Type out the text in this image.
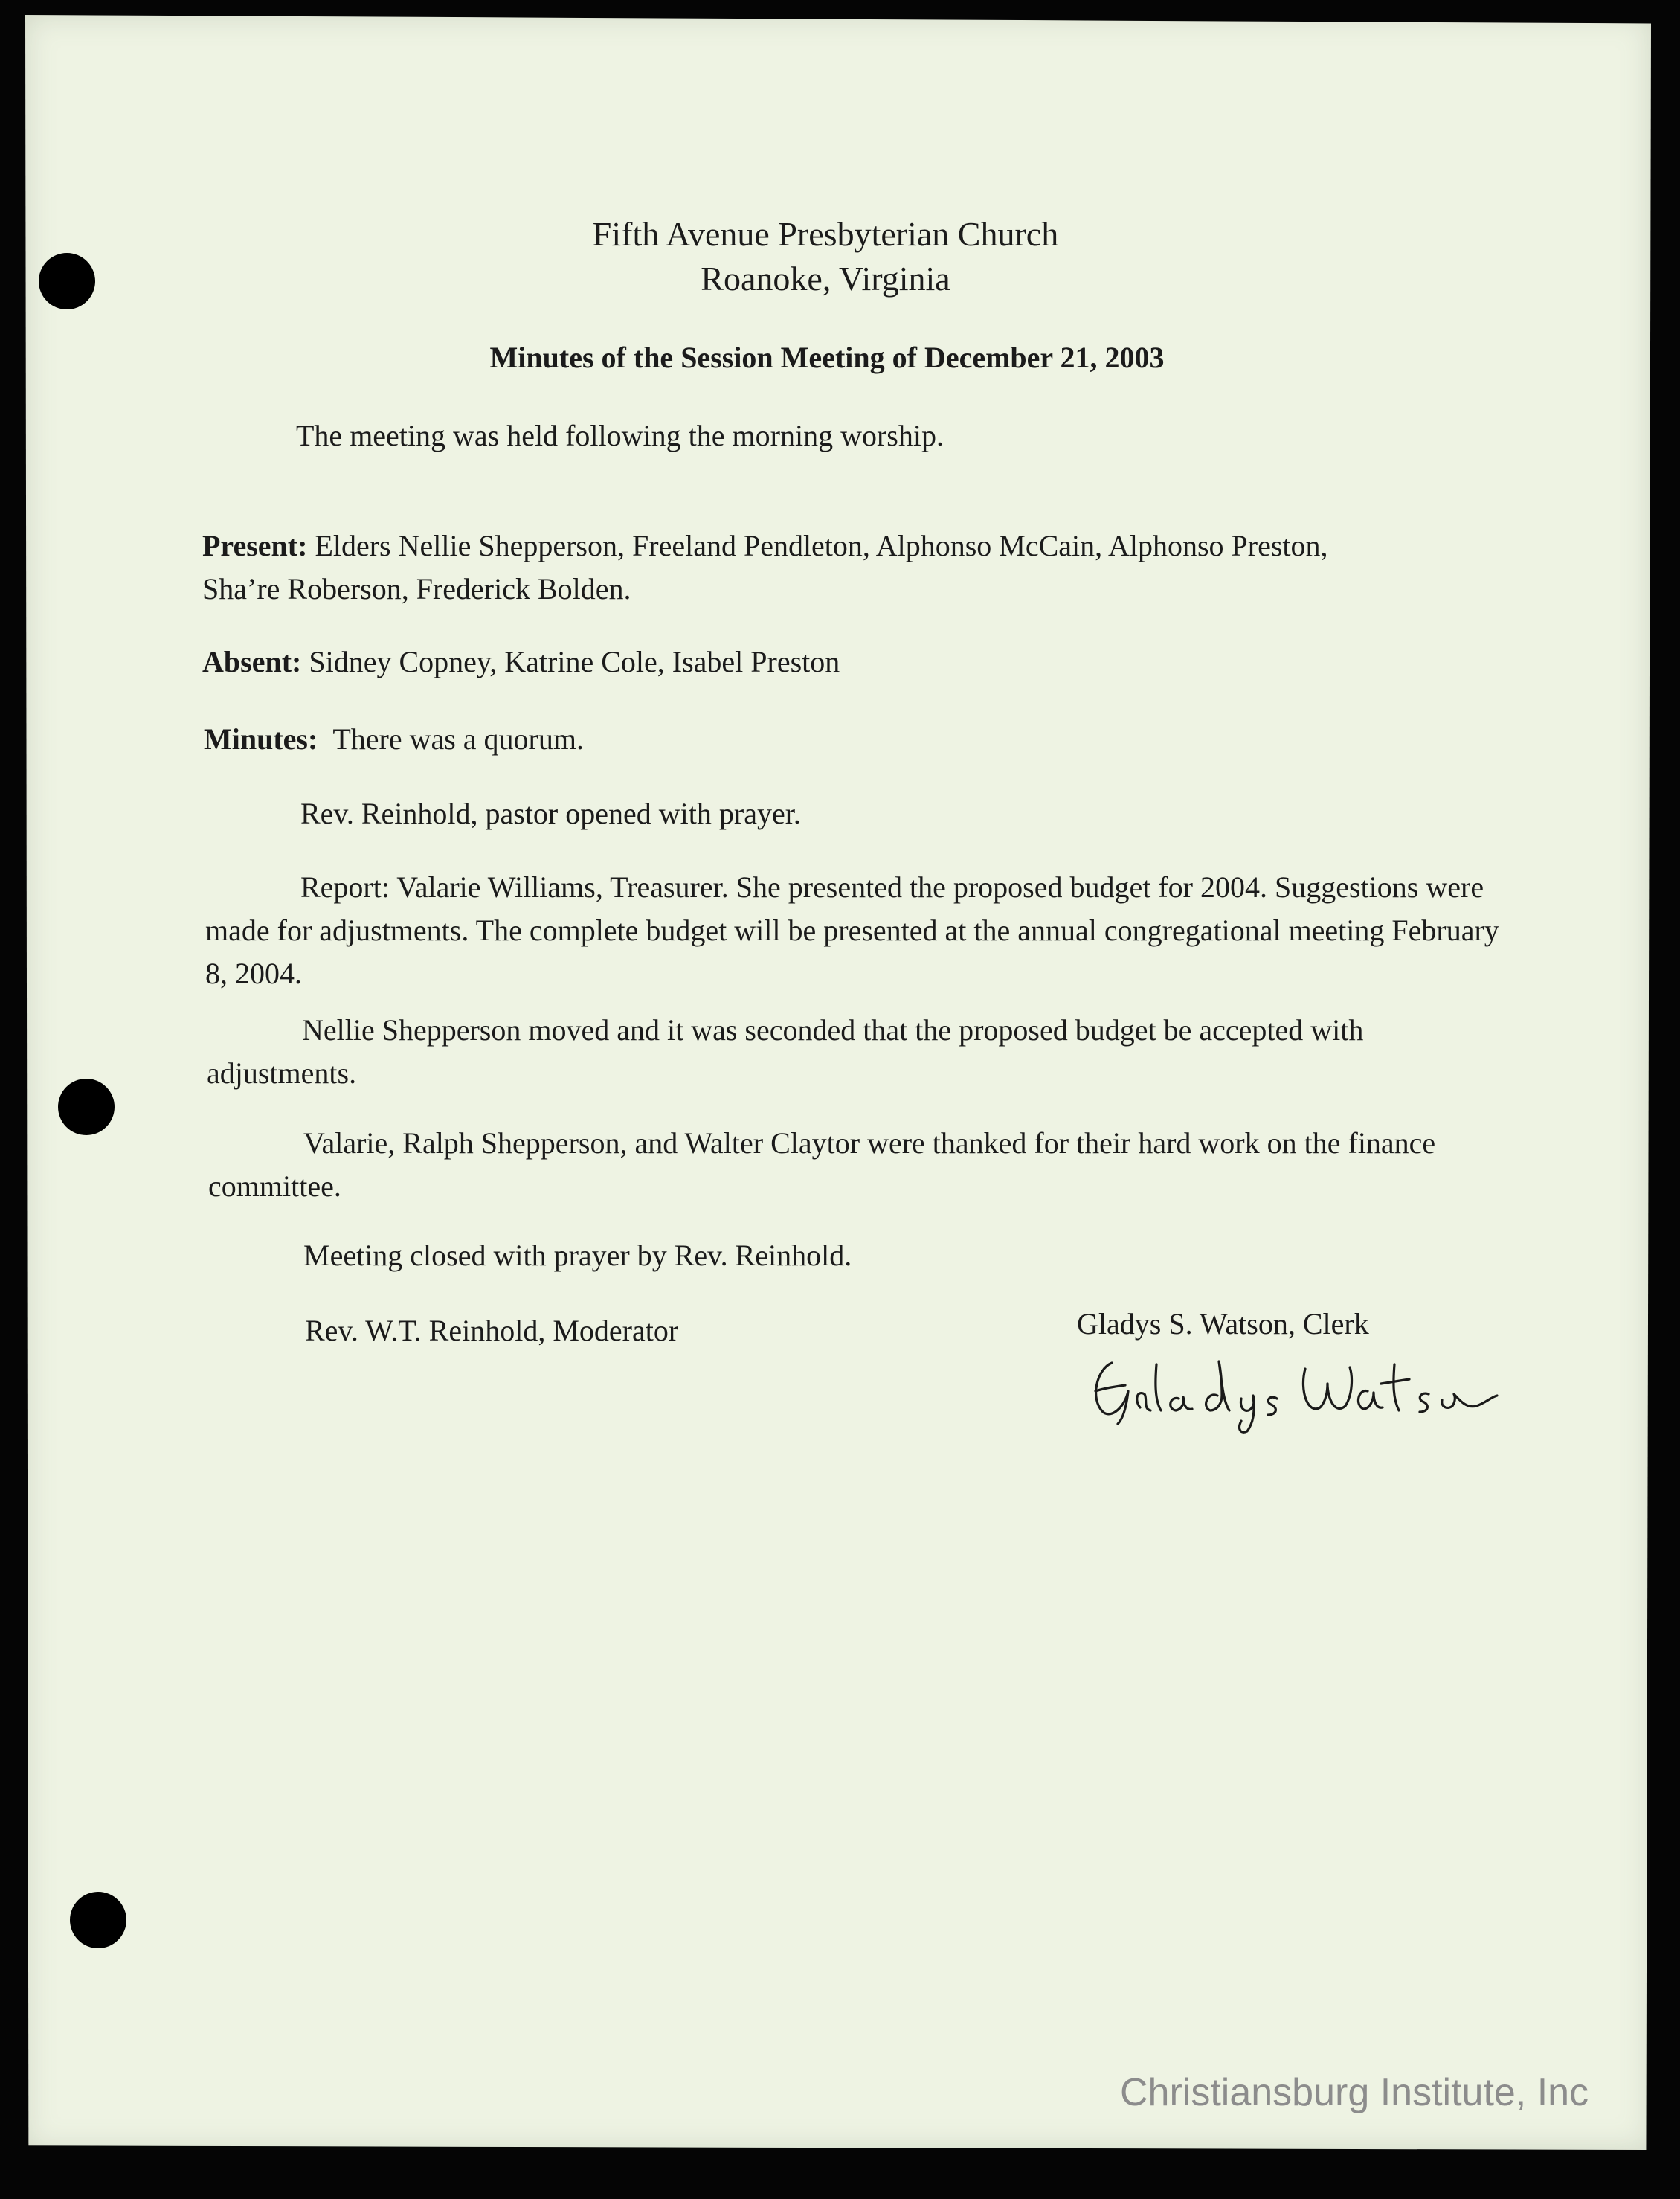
Fifth Avenue Presbyterian Church
Roanoke, Virginia
Minutes of the Session Meeting of December 21, 2003
The meeting was held following the morning worship.
Present: Elders Nellie Shepperson, Freeland Pendleton, Alphonso McCain, Alphonso Preston,
Sha’re Roberson, Frederick Bolden.
Absent: Sidney Copney, Katrine Cole, Isabel Preston
Minutes: There was a quorum.
Rev. Reinhold, pastor opened with prayer.
Report: Valarie Williams, Treasurer. She presented the proposed budget for 2004. Suggestions were made for adjustments. The complete budget will be presented at the annual congregational meeting February 8, 2004.
Nellie Shepperson moved and it was seconded that the proposed budget be accepted with adjustments.
Valarie, Ralph Shepperson, and Walter Claytor were thanked for their hard work on the finance committee.
Meeting closed with prayer by Rev. Reinhold.
Rev. W.T. Reinhold, Moderator	Gladys S. Watson, Clerk
Christiansburg Institute, Inc
